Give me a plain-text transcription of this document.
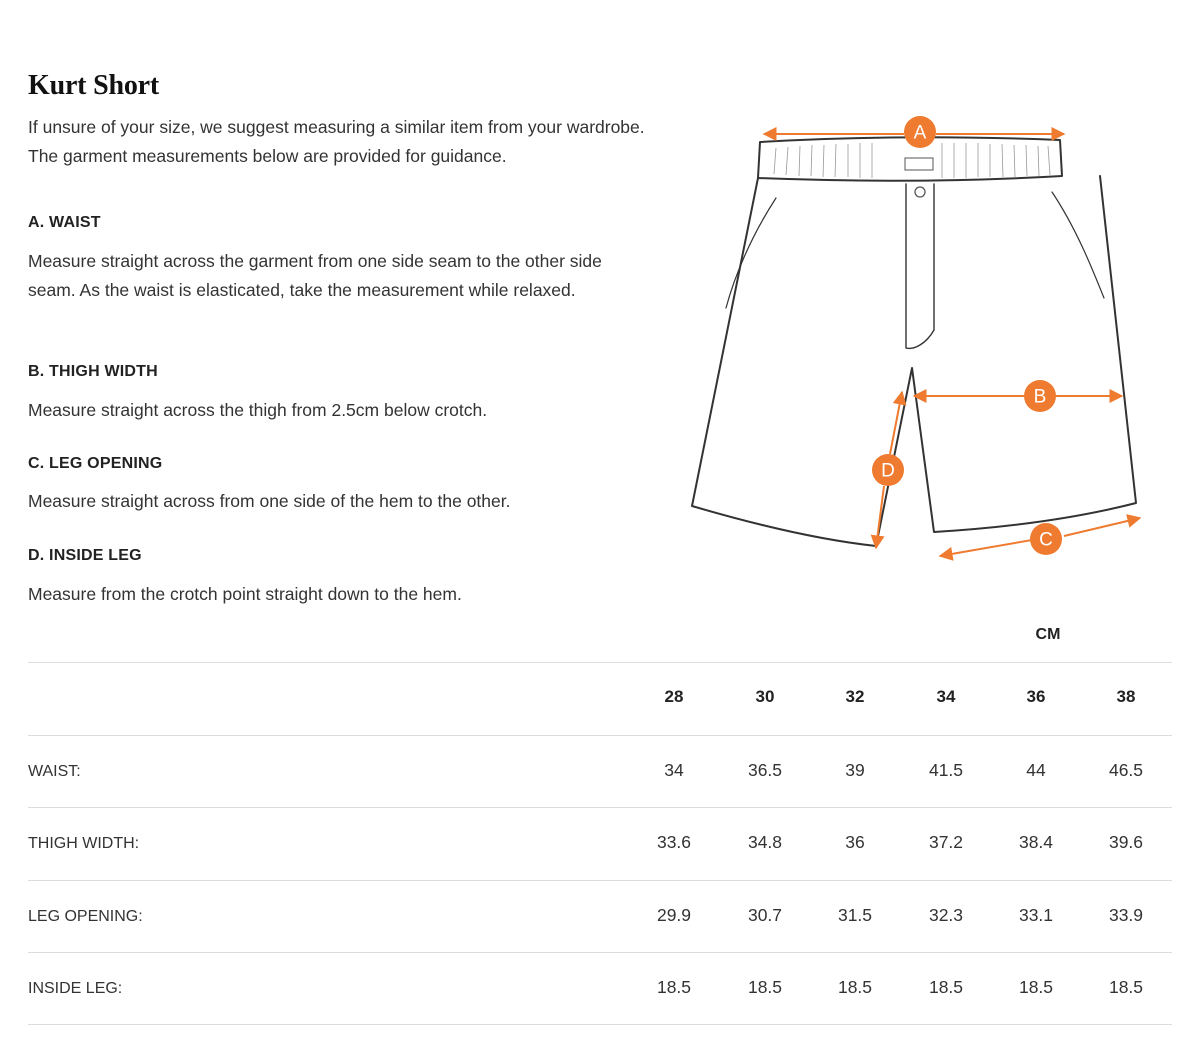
Kurt Short

If unsure of your size, we suggest measuring a similar item from your wardrobe. The garment measurements below are provided for guidance.

A. WAIST
Measure straight across the garment from one side seam to the other side seam. As the waist is elasticated, take the measurement while relaxed.
B. THIGH WIDTH
Measure straight across the thigh from 2.5cm below crotch.
C. LEG OPENING
Measure straight across from one side of the hem to the other.
D. INSIDE LEG
Measure from the crotch point straight down to the hem.
A
B
C
D
CM
28	30	32	34	36	38
WAIST:	34	36.5	39	41.5	44	46.5
THIGH WIDTH:	33.6	34.8	36	37.2	38.4	39.6
LEG OPENING:	29.9	30.7	31.5	32.3	33.1	33.9
INSIDE LEG:	18.5	18.5	18.5	18.5	18.5	18.5
